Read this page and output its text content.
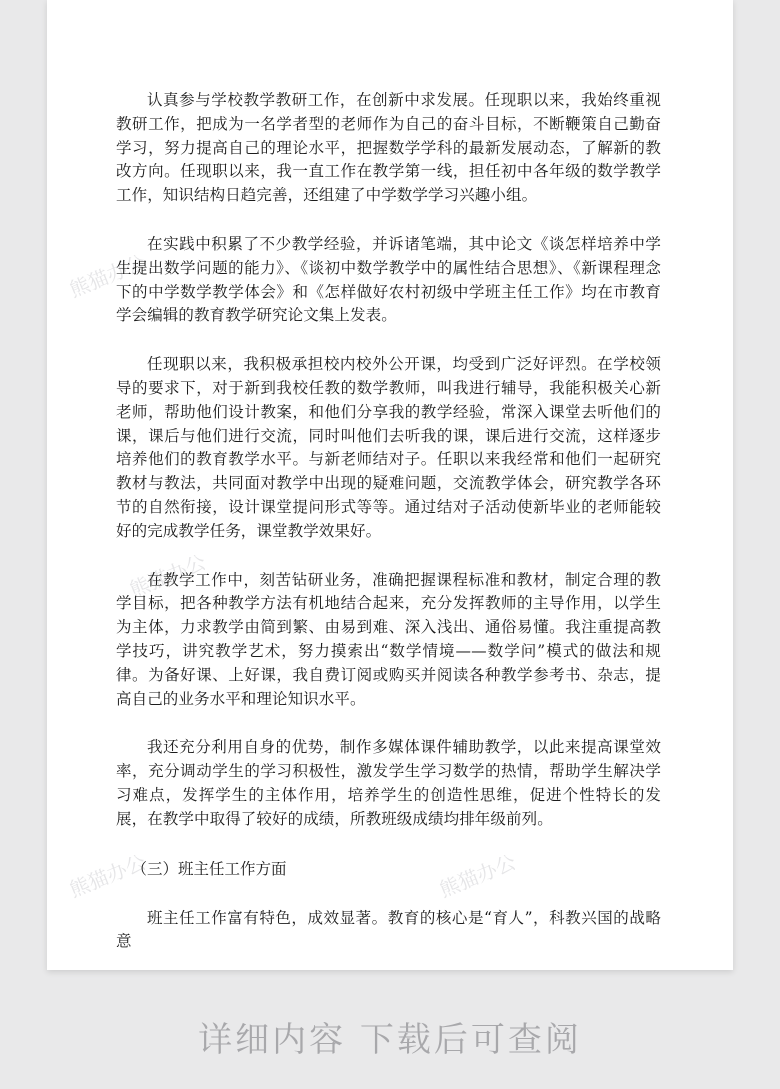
熊猫办公
熊猫办公
熊猫办公	熊猫办公

认真参与学校教学教研工作，在创新中求发展。任现职以来，我始终重视教研工作，把成为一名学者型的老师作为自己的奋斗目标，不断鞭策自己勤奋学习，努力提高自己的理论水平，把握数学学科的最新发展动态，了解新的教改方向。任现职以来，我一直工作在教学第一线，担任初中各年级的数学教学工作，知识结构日趋完善，还组建了中学数学学习兴趣小组。

在实践中积累了不少教学经验，并诉诸笔端，其中论文《谈怎样培养中学生提出数学问题的能力》、《谈初中数学教学中的属性结合思想》、《新课程理念下的中学数学教学体会》和《怎样做好农村初级中学班主任工作》均在市教育学会编辑的教育教学研究论文集上发表。

任现职以来，我积极承担校内校外公开课，均受到广泛好评烈。在学校领导的要求下，对于新到我校任教的数学教师，叫我进行辅导，我能积极关心新老师，帮助他们设计教案，和他们分享我的教学经验，常深入课堂去听他们的课，课后与他们进行交流，同时叫他们去听我的课，课后进行交流，这样逐步培养他们的教育教学水平。与新老师结对子。任职以来我经常和他们一起研究教材与教法，共同面对教学中出现的疑难问题，交流教学体会，研究教学各环节的自然衔接，设计课堂提问形式等等。通过结对子活动使新毕业的老师能较好的完成教学任务，课堂教学效果好。

在教学工作中，刻苦钻研业务，准确把握课程标准和教材，制定合理的教学目标，把各种教学方法有机地结合起来，充分发挥教师的主导作用，以学生为主体，力求教学由简到繁、由易到难、深入浅出、通俗易懂。我注重提高教学技巧，讲究教学艺术，努力摸索出“数学情境——数学问”模式的做法和规律。为备好课、上好课，我自费订阅或购买并阅读各种教学参考书、杂志，提高自己的业务水平和理论知识水平。

我还充分利用自身的优势，制作多媒体课件辅助教学，以此来提高课堂效率，充分调动学生的学习积极性，激发学生学习数学的热情，帮助学生解决学习难点，发挥学生的主体作用，培养学生的创造性思维，促进个性特长的发展，在教学中取得了较好的成绩，所教班级成绩均排年级前列。

（三）班主任工作方面

班主任工作富有特色，成效显著。教育的核心是“育人”，科教兴国的战略意

详细内容 下载后可查阅
